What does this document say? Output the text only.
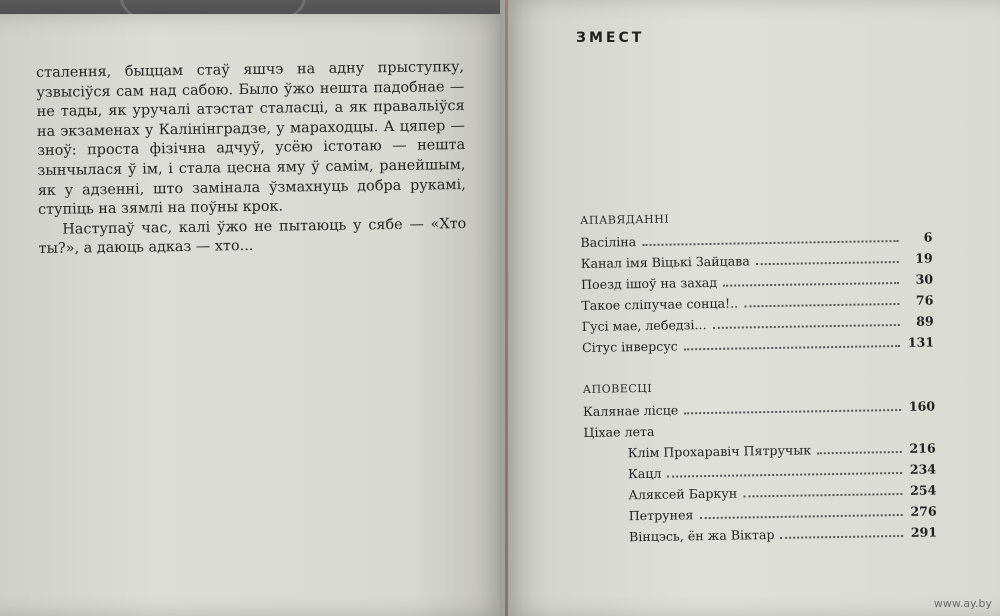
сталення, быццам стаў яшчэ на адну прыступку, узвысіўся сам над сабою. Было ўжо нешта падобнае — не тады, як уручалі атэстат сталасці, а як правальіўся на экзаменах у Калінінградзе, у мараходцы. А цяпер — зноў: проста фізічна адчуў, усёю істотаю — нешта зынчылася ў ім, і стала цесна яму ў самім, ранейшым, як у адзенні, што замінала ўзмахнуць добра рукамі, ступіць на зямлі на поўны крок.

Наступаў час, калі ўжо не пытаюць у сябе — «Хто ты?», а даюць адказ — хто...

ЗМЕСТ
АПАВЯДАННІ
Васіліна	6
Канал імя Віцькі Зайцава	19
Поезд ішоў на захад	30
Такое сліпучае сонца!..	76
Гусі мае, лебедзі...	89
Сітус інверсус	131
АПОВЕСЦІ
Калянае лісце	160
Ціхае лета
Клім Прохаравіч Пятручык	216
Кацл	234
Аляксей Баркун	254
Петрунея	276
Вінцэсь, ён жа Віктар	291
www.ay.by
